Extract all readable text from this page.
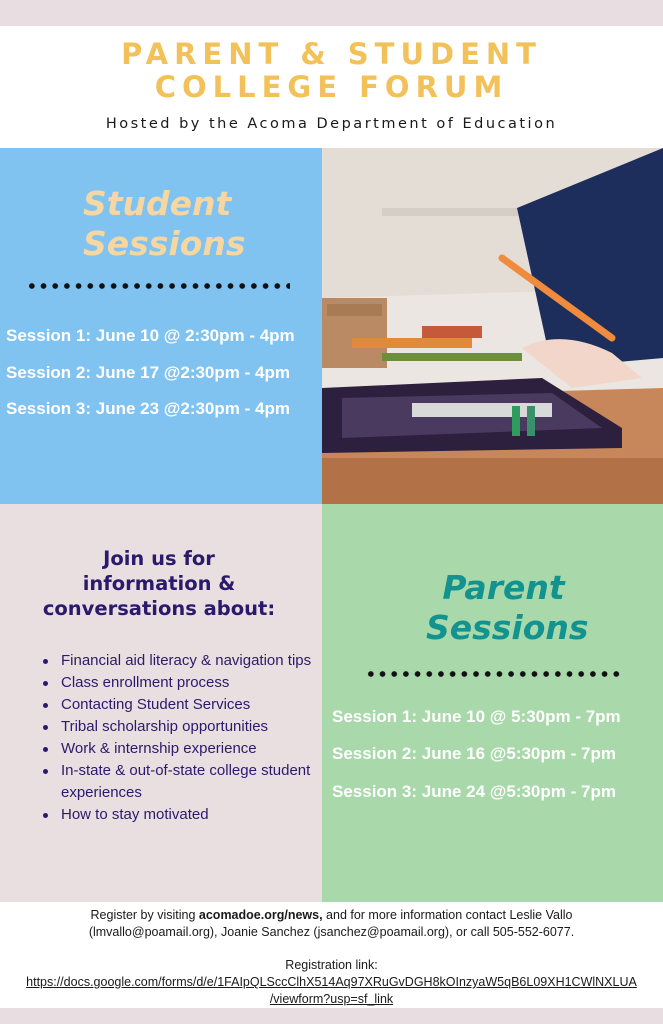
PARENT & STUDENT
COLLEGE FORUM
Hosted by the Acoma Department of Education
Student
Sessions
Session 1: June 10 @ 2:30pm - 4pm
Session 2: June 17 @2:30pm - 4pm
Session 3: June 23 @2:30pm - 4pm
Join us for
information &
conversations about:
Financial aid literacy & navigation tips
Class enrollment process
Contacting Student Services
Tribal scholarship opportunities
Work & internship experience
In-state & out-of-state college student experiences
How to stay motivated
Parent
Sessions
Session 1: June 10 @ 5:30pm - 7pm
Session 2: June 16 @5:30pm - 7pm
Session 3: June 24 @5:30pm - 7pm
Register by visiting acomadoe.org/news, and for more information contact Leslie Vallo
(lmvallo@poamail.org), Joanie Sanchez (jsanchez@poamail.org), or call 505-552-6077.
Registration link:
https://docs.google.com/forms/d/e/1FAIpQLSccClhX514Aq97XRuGvDGH8kOInzyaW5qB6L09XH1CWlNXLUA
/viewform?usp=sf_link
